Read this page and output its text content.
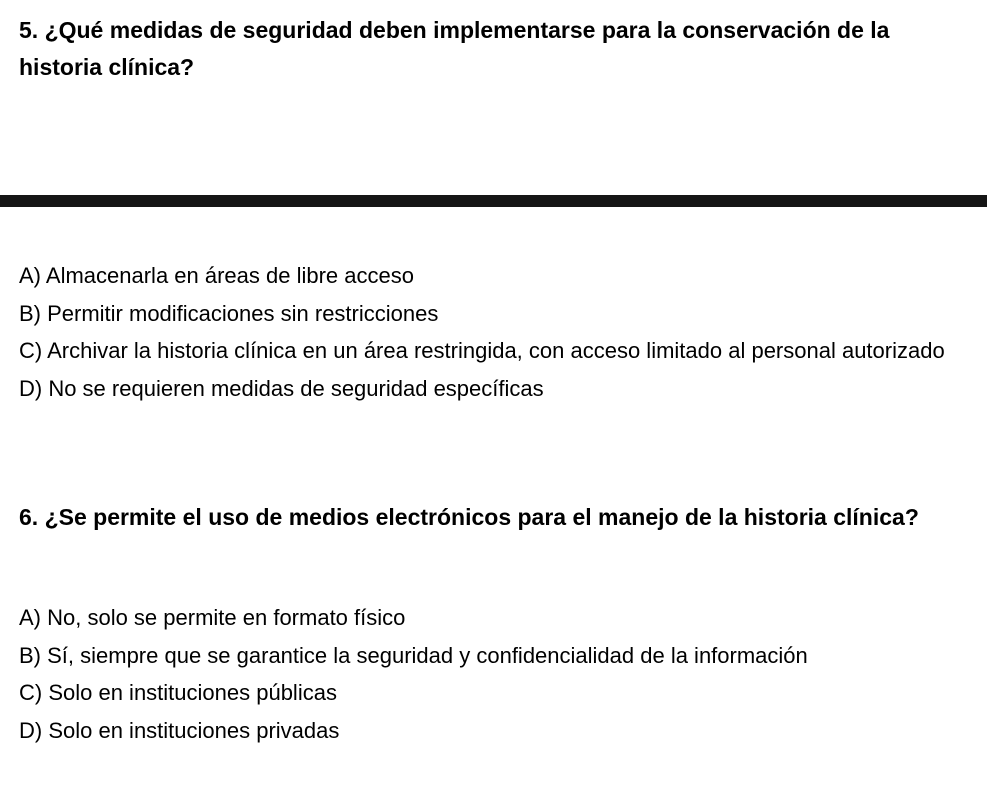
5. ¿Qué medidas de seguridad deben implementarse para la conservación de la historia clínica?
A) Almacenarla en áreas de libre acceso
B) Permitir modificaciones sin restricciones
C) Archivar la historia clínica en un área restringida, con acceso limitado al personal autorizado
D) No se requieren medidas de seguridad específicas
6. ¿Se permite el uso de medios electrónicos para el manejo de la historia clínica?
A) No, solo se permite en formato físico
B) Sí, siempre que se garantice la seguridad y confidencialidad de la información
C) Solo en instituciones públicas
D) Solo en instituciones privadas
